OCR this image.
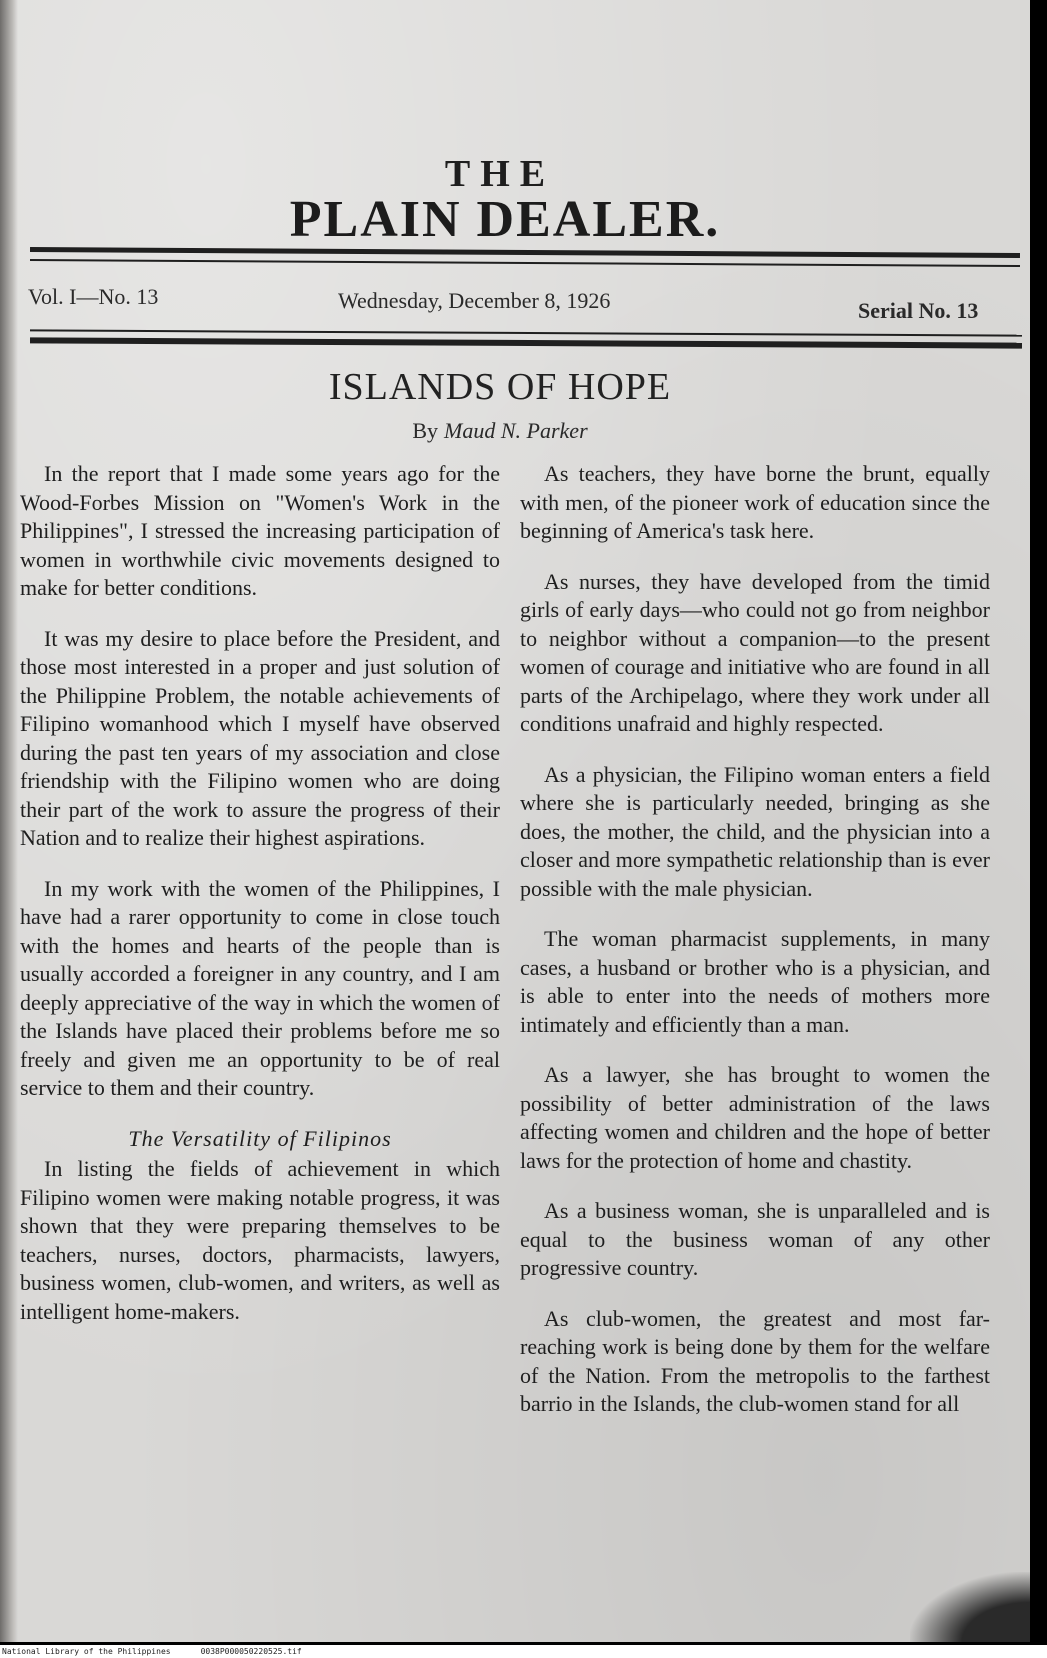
THE
PLAIN DEALER.
Vol. I—No. 13	Wednesday, December 8, 1926	Serial No. 13
ISLANDS OF HOPE
By Maud N. Parker

In the report that I made some years ago for the Wood-Forbes Mission on "Women's Work in the Philippines", I stressed the increasing participation of women in worthwhile civic movements designed to make for better conditions.

It was my desire to place before the President, and those most interested in a proper and just solution of the Philippine Problem, the notable achievements of Filipino womanhood which I myself have observed during the past ten years of my association and close friendship with the Filipino women who are doing their part of the work to assure the progress of their Nation and to realize their highest aspirations.

In my work with the women of the Philippines, I have had a rarer opportunity to come in close touch with the homes and hearts of the people than is usually accorded a foreigner in any country, and I am deeply appreciative of the way in which the women of the Islands have placed their problems before me so freely and given me an opportunity to be of real service to them and their country.

The Versatility of Filipinos

In listing the fields of achievement in which Filipino women were making notable progress, it was shown that they were preparing themselves to be teachers, nurses, doctors, pharmacists, lawyers, business women, club-women, and writers, as well as intelligent home-makers.

As teachers, they have borne the brunt, equally with men, of the pioneer work of education since the beginning of America's task here.

As nurses, they have developed from the timid girls of early days—who could not go from neighbor to neighbor without a companion—to the present women of courage and initiative who are found in all parts of the Archipelago, where they work under all conditions unafraid and highly respected.

As a physician, the Filipino woman enters a field where she is particularly needed, bringing as she does, the mother, the child, and the physician into a closer and more sympathetic relationship than is ever possible with the male physician.

The woman pharmacist supplements, in many cases, a husband or brother who is a physician, and is able to enter into the needs of mothers more intimately and efficiently than a man.

As a lawyer, she has brought to women the possibility of better administration of the laws affecting women and children and the hope of better laws for the protection of home and chastity.

As a business woman, she is unparalleled and is equal to the business woman of any other progressive country.

As club-women, the greatest and most far-reaching work is being done by them for the welfare of the Nation. From the metropolis to the farthest barrio in the Islands, the club-women stand for all

National Library of the Philippines	0038P000050220525.tif
